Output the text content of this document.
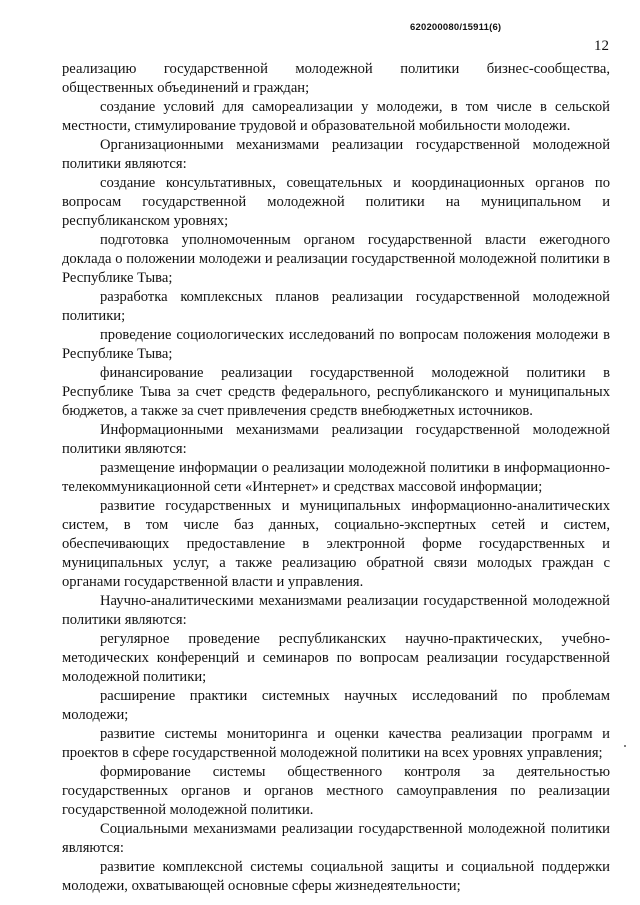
620200080/15911(6)
12

реализацию государственной молодежной политики бизнес-сообщества, общественных объединений и граждан;

создание условий для самореализации у молодежи, в том числе в сельской местности, стимулирование трудовой и образовательной мобильности молодежи.

Организационными механизмами реализации государственной молодежной политики являются:

создание консультативных, совещательных и координационных органов по вопросам государственной молодежной политики на муниципальном и республиканском уровнях;

подготовка уполномоченным органом государственной власти ежегодного доклада о положении молодежи и реализации государственной молодежной политики в Республике Тыва;

разработка комплексных планов реализации государственной молодежной политики;

проведение социологических исследований по вопросам положения молодежи в Республике Тыва;

финансирование реализации государственной молодежной политики в Республике Тыва за счет средств федерального, республиканского и муниципальных бюджетов, а также за счет привлечения средств внебюджетных источников.

Информационными механизмами реализации государственной молодежной политики являются:

размещение информации о реализации молодежной политики в информационно-телекоммуникационной сети «Интернет» и средствах массовой информации;

развитие государственных и муниципальных информационно-аналитических систем, в том числе баз данных, социально-экспертных сетей и систем, обеспечивающих предоставление в электронной форме государственных и муниципальных услуг, а также реализацию обратной связи молодых граждан с органами государственной власти и управления.

Научно-аналитическими механизмами реализации государственной молодежной политики являются:

регулярное проведение республиканских научно-практических, учебно-методических конференций и семинаров по вопросам реализации государственной молодежной политики;

расширение практики системных научных исследований по проблемам молодежи;

развитие системы мониторинга и оценки качества реализации программ и проектов в сфере государственной молодежной политики на всех уровнях управления;

формирование системы общественного контроля за деятельностью государственных органов и органов местного самоуправления по реализации государственной молодежной политики.

Социальными механизмами реализации государственной молодежной политики являются:

развитие комплексной системы социальной защиты и социальной поддержки молодежи, охватывающей основные сферы жизнедеятельности;
